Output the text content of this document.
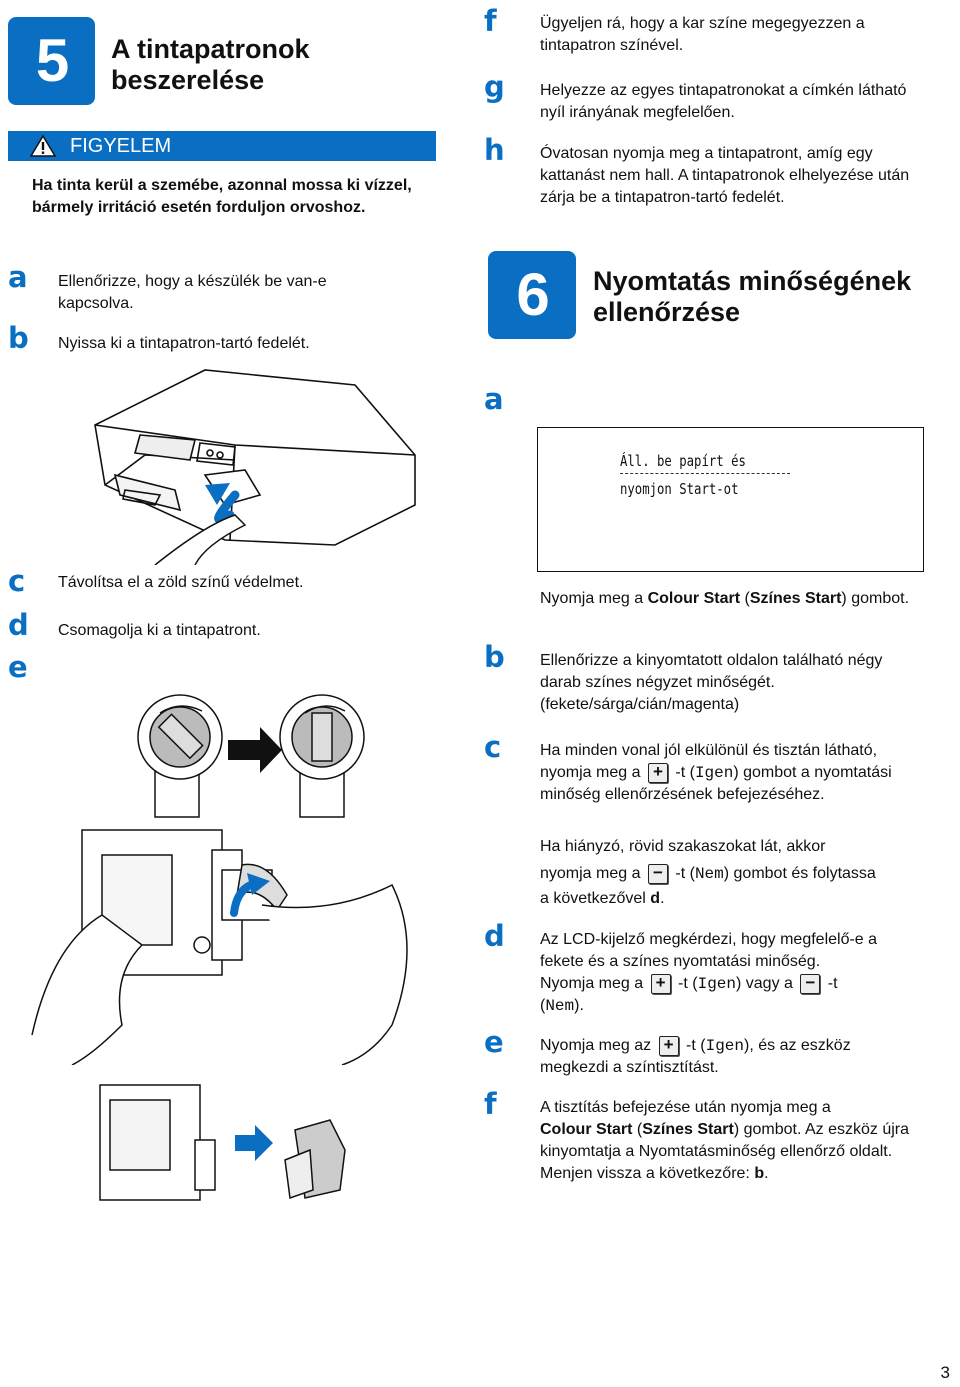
5	A tintapatronok
beszerelése
FIGYELEM
Ha tinta kerül a szemébe, azonnal mossa ki vízzel, bármely irritáció esetén forduljon orvoshoz.
a Ellenőrizze, hogy a készülék be van-e kapcsolva.
b Nyissa ki a tintapatron-tartó fedelét.
c Távolítsa el a zöld színű védelmet.
d Csomagolja ki a tintapatront.
e
f	Ügyeljen rá, hogy a kar színe megegyezzen a tintapatron színével.
g Helyezze az egyes tintapatronokat a címkén látható nyíl irányának megfelelően.
h Óvatosan nyomja meg a tintapatront, amíg egy kattanást nem hall. A tintapatronok elhelyezése után zárja be a tintapatron-tartó fedelét.
6	Nyomtatás minőségének
ellenőrzése
a
Áll. be papírt és
nyomjon Start-ot
Nyomja meg a Colour Start (Színes Start) gombot.
b Ellenőrizze a kinyomtatott oldalon található négy darab színes négyzet minőségét. (fekete/sárga/cián/magenta)
c Ha minden vonal jól elkülönül és tisztán látható, nyomja meg a + -t (Igen) gombot a nyomtatási minőség ellenőrzésének befejezéséhez.
Ha hiányzó, rövid szakaszokat lát, akkor
nyomja meg a − -t (Nem) gombot és folytassa
a következővel d.
d Az LCD-kijelző megkérdezi, hogy megfelelő-e a fekete és a színes nyomtatási minőség.
Nyomja meg a + -t (Igen) vagy a − -t
(Nem).
e Nyomja meg az + -t (Igen), és az eszköz
megkezdi a színtisztítást.
f	A tisztítás befejezése után nyomja meg a
Colour Start (Színes Start) gombot. Az eszköz újra kinyomtatja a Nyomtatásminőség ellenőrző oldalt. Menjen vissza a következőre: b.
3
